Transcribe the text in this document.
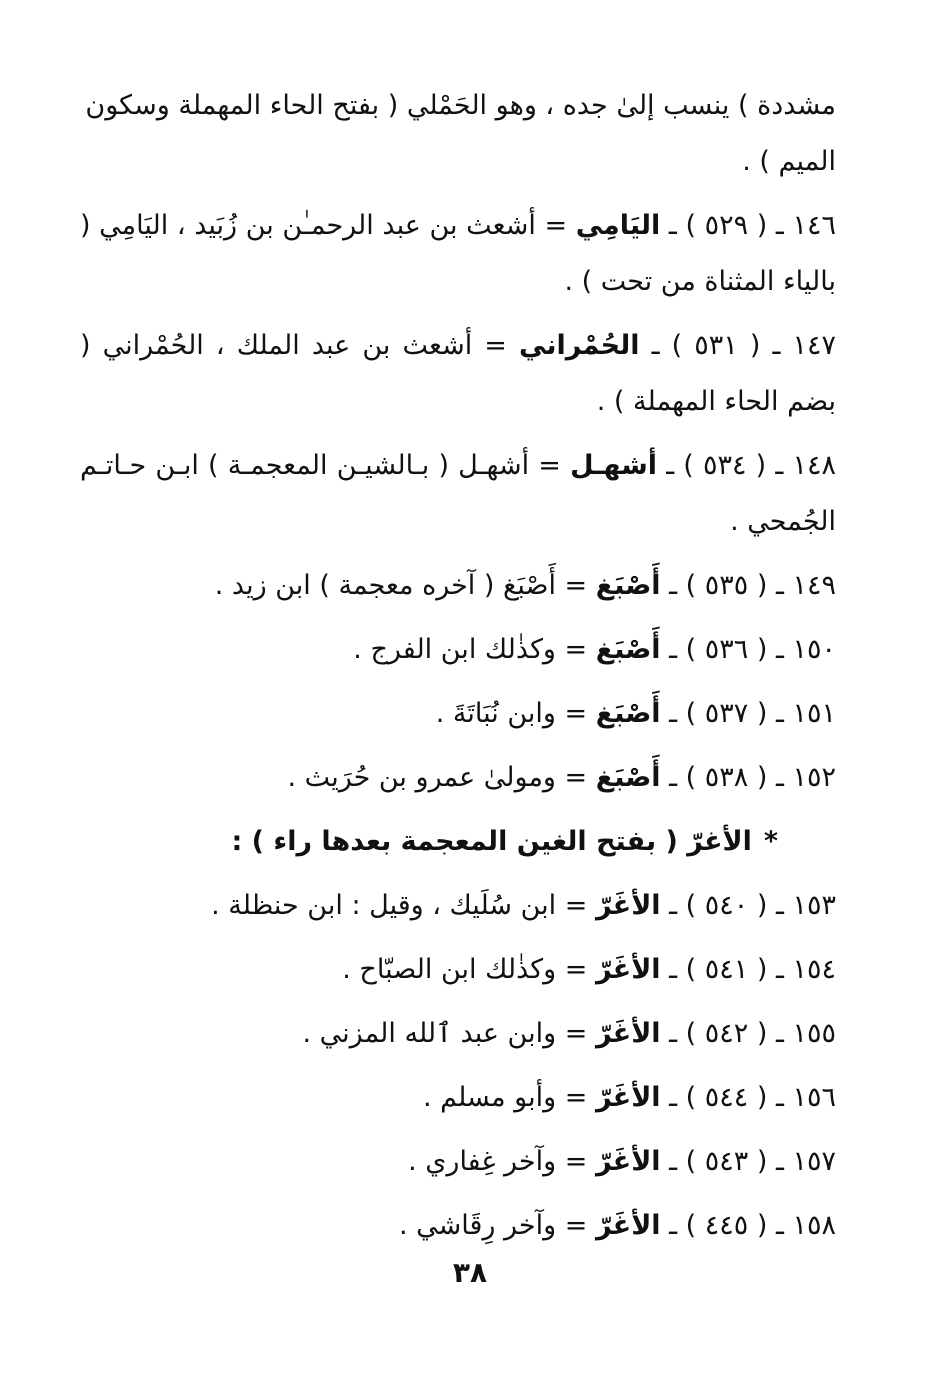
مشددة ) ينسب إلىٰ جده ، وهو الحَمْلي ( بفتح الحاء المهملة وسكون الميم ) .

١٤٦ ـ ( ٥٢٩ ) ـ اليَامِي = أشعث بن عبد الرحمـٰن بن زُبَيد ، اليَامِي ( بالياء المثناة من تحت ) .

١٤٧ ـ ( ٥٣١ ) ـ الحُمْراني = أشعث بن عبد الملك ، الحُمْراني ( بضم الحاء المهملة ) .

١٤٨ ـ ( ٥٣٤ ) ـ أشهـل = أشهـل ( بـالشيـن المعجمـة ) ابـن حـاتـم الجُمحي .

١٤٩ ـ ( ٥٣٥ ) ـ أَصْبَغ = أَصْبَغ ( آخره معجمة ) ابن زيد .

١٥٠ ـ ( ٥٣٦ ) ـ أَصْبَغ = وكذٰلك ابن الفرج .

١٥١ ـ ( ٥٣٧ ) ـ أَصْبَغ = وابن نُبَاتَةَ .

١٥٢ ـ ( ٥٣٨ ) ـ أَصْبَغ = ومولىٰ عمرو بن حُرَيث .

*الأغرّ ( بفتح الغين المعجمة بعدها راء ) :

١٥٣ ـ ( ٥٤٠ ) ـ الأغَرّ = ابن سُلَيك ، وقيل : ابن حنظلة .

١٥٤ ـ ( ٥٤١ ) ـ الأغَرّ = وكذٰلك ابن الصبّاح .

١٥٥ ـ ( ٥٤٢ ) ـ الأغَرّ = وابن عبد ٱلله المزني .

١٥٦ ـ ( ٥٤٤ ) ـ الأغَرّ = وأبو مسلم .

١٥٧ ـ ( ٥٤٣ ) ـ الأغَرّ = وآخر غِفاري .

١٥٨ ـ ( ٤٤٥ ) ـ الأغَرّ = وآخر رِقَاشي .

٣٨
